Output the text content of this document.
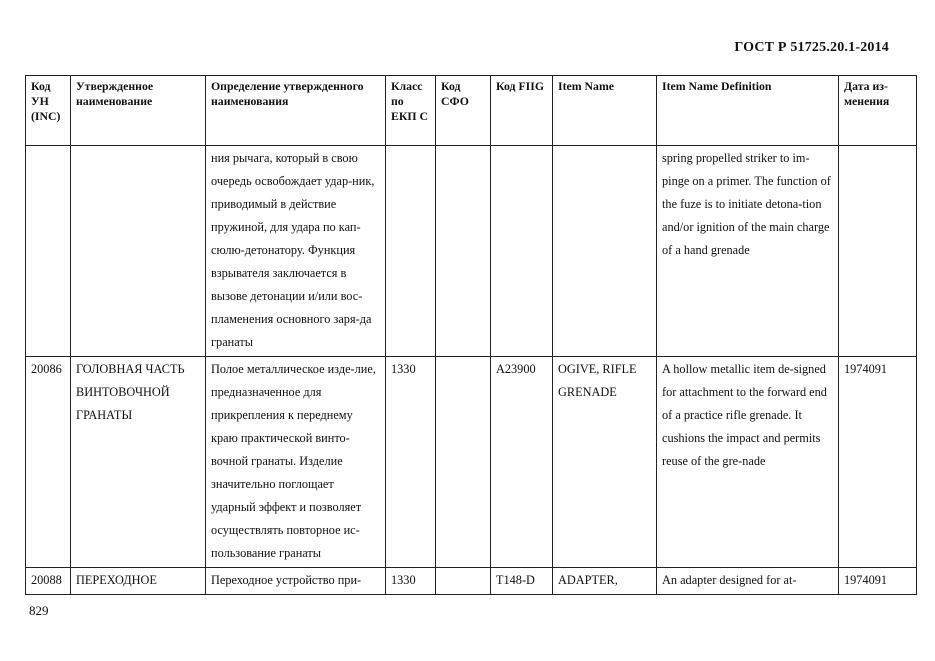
ГОСТ Р 51725.20.1-2014
Код УН (INC)	Утвержденное наименование	Определение утвержденного наименования	Класс по ЕКП С	Код СФО	Код FIIG	Item Name	Item Name Definition	Дата из-менения
		ния рычага, который в свою очередь освобождает удар-ник, приводимый в действие пружиной, для удара по кап-сюлю-детонатору. Функция взрывателя заключается в вызове детонации и/или вос-пламенения основного заря-да гранаты					spring propelled striker to im-pinge on a primer. The function of the fuze is to initiate detona-tion and/or ignition of the main charge of a hand grenade	
20086	ГОЛОВНАЯ ЧАСТЬ ВИНТОВОЧНОЙ ГРАНАТЫ	Полое металлическое изде-лие, предназначенное для прикрепления к переднему краю практической винто-вочной гранаты. Изделие значительно поглощает ударный эффект и позволяет осуществлять повторное ис-пользование гранаты	1330		A23900	OGIVE, RIFLE GRENADE	A hollow metallic item de-signed for attachment to the forward end of a practice rifle grenade. It cushions the impact and permits reuse of the gre-nade	1974091
20088	ПЕРЕХОДНОЕ	Переходное устройство при-	1330		T148-D	ADAPTER,	An adapter designed for at-	1974091
829
